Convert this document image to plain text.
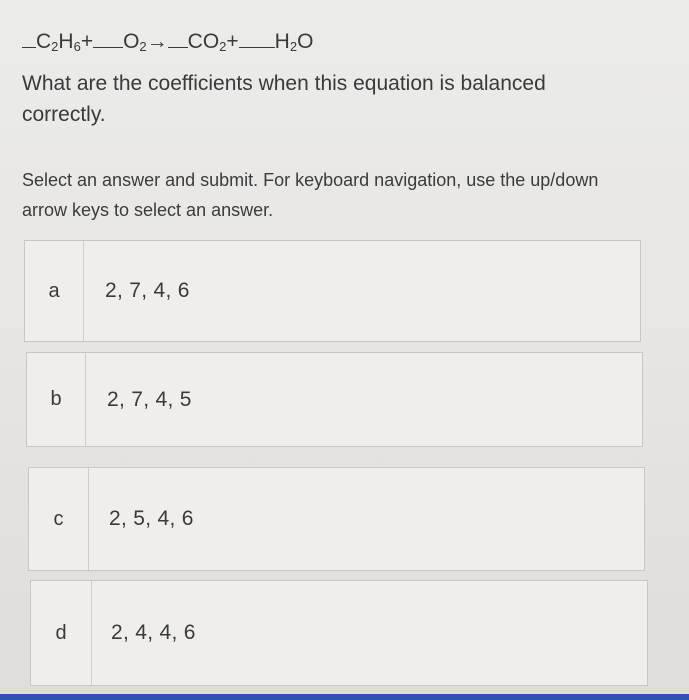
$C_2H_6+ O_2\to CO_2+ H_2O$
What are the coefficients when this equation is balanced correctly.
Select an answer and submit. For keyboard navigation, use the up/down arrow keys to select an answer.
a	2, 7, 4, 6
b	2, 7, 4, 5
c	2, 5, 4, 6
d	2, 4, 4, 6
